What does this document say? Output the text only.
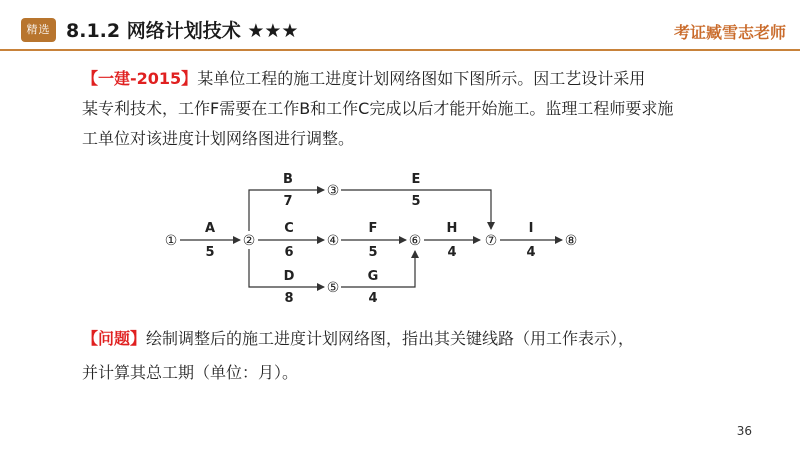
精选 8.1.2 网络计划技术 ★★★	考证臧雪志老师
【一建-2015】某单位工程的施工进度计划网络图如下图所示。因工艺设计采用
某专利技术，工作F需要在工作B和工作C完成以后才能开始施工。监理工程师要求施
工单位对该进度计划网络图进行调整。
①	②
③
④
⑤
⑥	⑦	⑧
A
5
B
7
C
6
D
8
E
5
F
5
G
4
H
4
I
4
【问题】绘制调整后的施工进度计划网络图，指出其关键线路（用工作表示），
并计算其总工期（单位：月）。
36
